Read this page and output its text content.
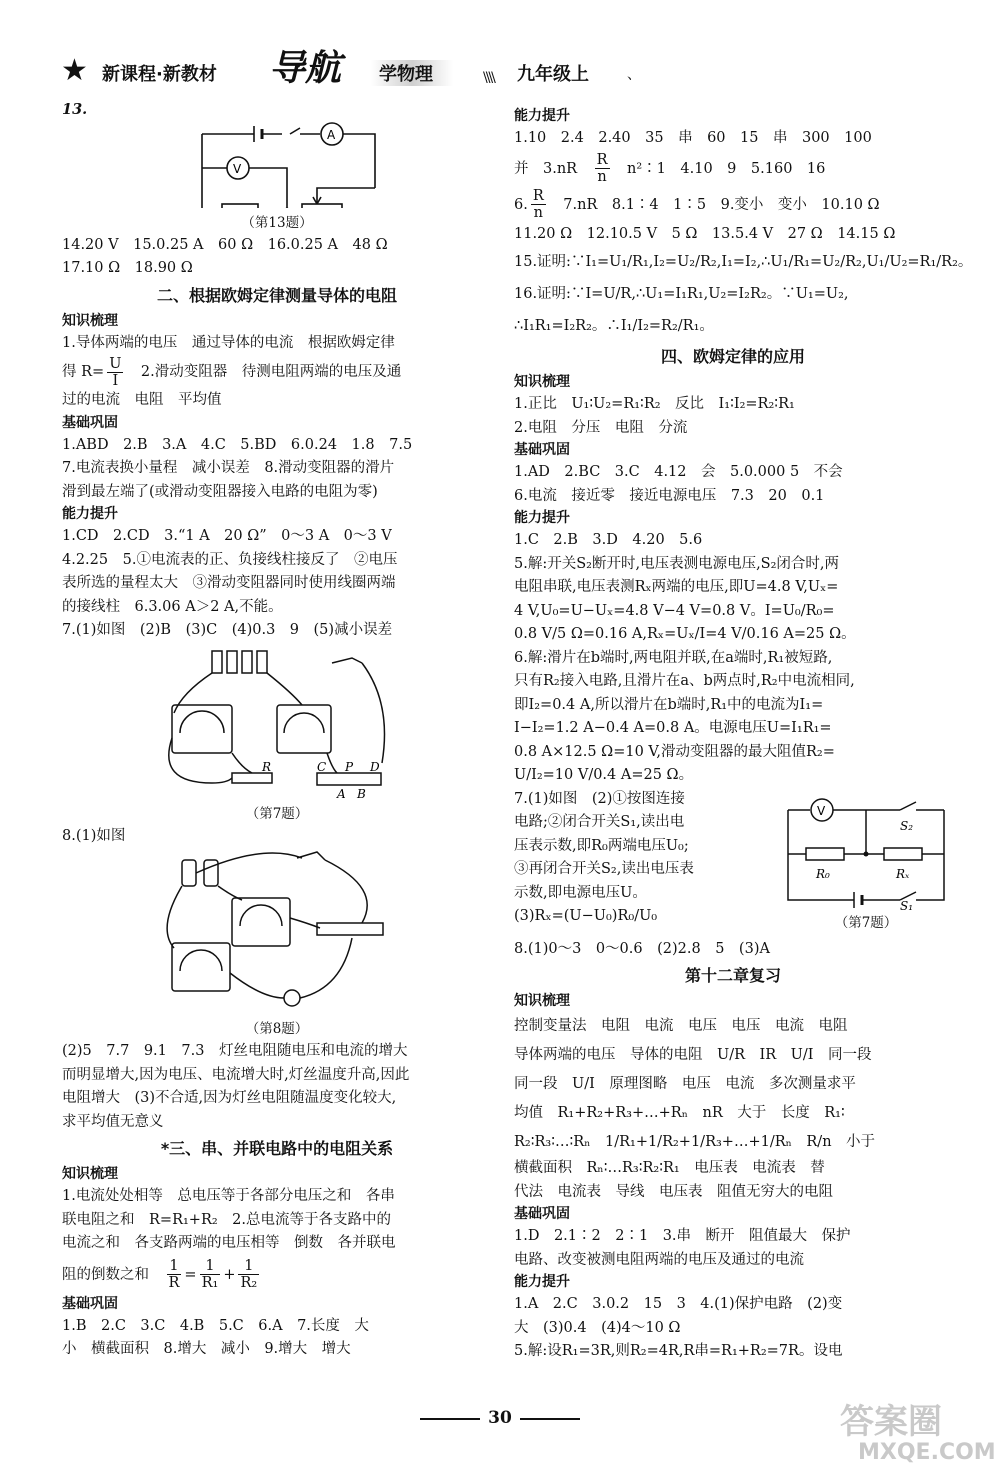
★ 新课程·新教材 导航	学物理	\\\\ 九年级上	、
13.
A
V
（第13题）
14.20 V　15.0.25 A　60 Ω　16.0.25 A　48 Ω
17.10 Ω　18.90 Ω
二、根据欧姆定律测量导体的电阻
知识梳理
1.导体两端的电压　通过导体的电流　根据欧姆定律
得 $R= \frac{U}{I}$ 　2.滑动变阻器　待测电阻两端的电压及通
过的电流　电阻　平均值
基础巩固
1.ABD　2.B　3.A　4.C　5.BD　6.0.24　1.8　7.5
7.电流表换小量程　减小误差　8.滑动变阻器的滑片
滑到最左端了(或滑动变阻器接入电路的电阻为零)
能力提升
1.CD　2.CD　3.“1 A　20 Ω”　0～3 A　0～3 V
4.2.25　5.①电流表的正、负接线柱接反了　②电压
表所选的量程太大　③滑动变阻器同时使用线圈两端
的接线柱　6.3.06 A＞2 A,不能。
7.(1)如图　(2)B　(3)C　(4)0.3　9　(5)减小误差
R	C P D
A B
（第7题）
8.(1)如图
（第8题）
(2)5　7.7　9.1　7.3　灯丝电阻随电压和电流的增大
而明显增大,因为电压、电流增大时,灯丝温度升高,因此
电阻增大　(3)不合适,因为灯丝电阻随温度变化较大,
求平均值无意义
*三、串、并联电路中的电阻关系
知识梳理
1.电流处处相等　总电压等于各部分电压之和　各串
联电阻之和　R=R₁+R₂　2.总电流等于各支路中的
电流之和　各支路两端的电压相等　倒数　各并联电
阻的倒数之和　 $\frac{1}{R} = \frac{1}{\text{R₁}} + \frac{1}{\text{R₂}}$
基础巩固
1.B　2.C　3.C　4.B　5.C　6.A　7.长度　大
小　横截面积　8.增大　减小　9.增大　增大
能力提升
1.10　2.4　2.40　35　串　60　15　串　300　100
并　3.nR　 $\frac{R}{n}$
　 n²∶1　4.10　9　5.160　16
6. $\frac{R}{n}$
　 7.nR　8.1∶4　1∶5　9.变小　变小　10.10 Ω
11.20 Ω　12.10.5 V　5 Ω　13.5.4 V　27 Ω　14.15 Ω
15.证明:∵I₁=U₁/R₁,I₂=U₂/R₂,I₁=I₂,∴U₁/R₁=U₂/R₂,U₁/U₂=R₁/R₂。
16.证明:∵I=U/R,∴U₁=I₁R₁,U₂=I₂R₂。∵U₁=U₂,
∴I₁R₁=I₂R₂。∴I₁/I₂=R₂/R₁。
四、欧姆定律的应用
知识梳理
1.正比　U₁∶U₂=R₁∶R₂　反比　I₁∶I₂=R₂∶R₁
2.电阻　分压　电阻　分流
基础巩固
1.AD　2.BC　3.C　4.12　会　5.0.000 5　不会
6.电流　接近零　接近电源电压　7.3　20　0.1
能力提升
1.C　2.B　3.D　4.20　5.6
5.解:开关S₂断开时,电压表测电源电压,S₂闭合时,两
电阻串联,电压表测Rₓ两端的电压,即U=4.8 V,Uₓ=
4 V,U₀=U−Uₓ=4.8 V−4 V=0.8 V。I=U₀/R₀=
0.8 V/5 Ω=0.16 A,Rₓ=Uₓ/I=4 V/0.16 A=25 Ω。
6.解:滑片在b端时,两电阻并联,在a端时,R₁被短路,
只有R₂接入电路,且滑片在a、b两点时,R₂中电流相同,
即I₂=0.4 A,所以滑片在b端时,R₁中的电流为I₁=
I−I₂=1.2 A−0.4 A=0.8 A。电源电压U=I₁R₁=
0.8 A×12.5 Ω=10 V,滑动变阻器的最大阻值R₂=
U/I₂=10 V/0.4 A=25 Ω。
7.(1)如图　(2)①按图连接
电路;②闭合开关S₁,读出电
压表示数,即R₀两端电压U₀;
③再闭合开关S₂,读出电压表
示数,即电源电压U。
(3)Rₓ=(U−U₀)R₀/U₀
V
S₂
R₀	Rₓ
S₁
（第7题）
8.(1)0～3　0～0.6　(2)2.8　5　(3)A
第十二章复习
知识梳理
控制变量法　电阻　电流　电压　电压　电流　电阻
导体两端的电压　导体的电阻　U/R　IR　U/I　同一段
同一段　U/I　原理图略　电压　电流　多次测量求平
均值　R₁+R₂+R₃+…+Rₙ　nR　大于　长度　R₁∶
R₂∶R₃∶…∶Rₙ　1/R₁+1/R₂+1/R₃+…+1/Rₙ　R/n　小于
横截面积　Rₙ∶…R₃∶R₂∶R₁　电压表　电流表　替
代法　电流表　导线　电压表　阻值无穷大的电阻
基础巩固
1.D　2.1∶2　2∶1　3.串　断开　阻值最大　保护
电路、改变被测电阻两端的电压及通过的电流
能力提升
1.A　2.C　3.0.2　15　3　4.(1)保护电路　(2)变
大　(3)0.4　(4)4～10 Ω
5.解:设R₁=3R,则R₂=4R,R串=R₁+R₂=7R。设电
30	答案圈
MXQE.COM
